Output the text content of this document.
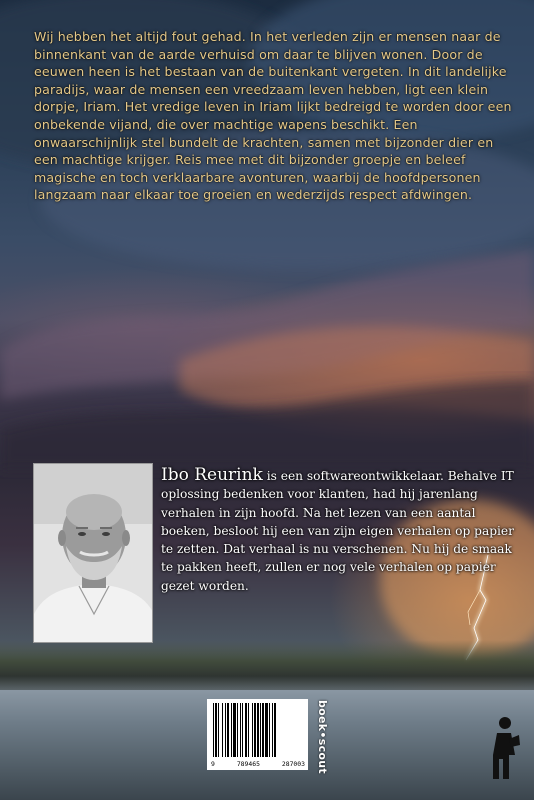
Wij hebben het altijd fout gehad. In het verleden zijn er mensen naar de binnenkant van de aarde verhuisd om daar te blijven wonen. Door de eeuwen heen is het bestaan van de buitenkant vergeten. In dit landelijke paradijs, waar de mensen een vreedzaam leven hebben, ligt een klein dorpje, Iriam. Het vredige leven in Iriam lijkt bedreigd te worden door een onbekende vijand, die over machtige wapens beschikt. Een onwaarschijnlijk stel bundelt de krachten, samen met bijzonder dier en een machtige krijger. Reis mee met dit bijzonder groepje en beleef magische en toch verklaarbare avonturen, waarbij de hoofdpersonen langzaam naar elkaar toe groeien en wederzijds respect afdwingen.
Ibo Reurink is een softwareontwikkelaar. Behalve IT oplossing bedenken voor klanten, had hij jarenlang verhalen in zijn hoofd. Na het lezen van een aantal boeken, besloot hij een van zijn eigen verhalen op papier te zetten. Dat verhaal is nu verschenen. Nu hij de smaak te pakken heeft, zullen er nog vele verhalen op papier gezet worden.
9	789465	287003 boek•scout
